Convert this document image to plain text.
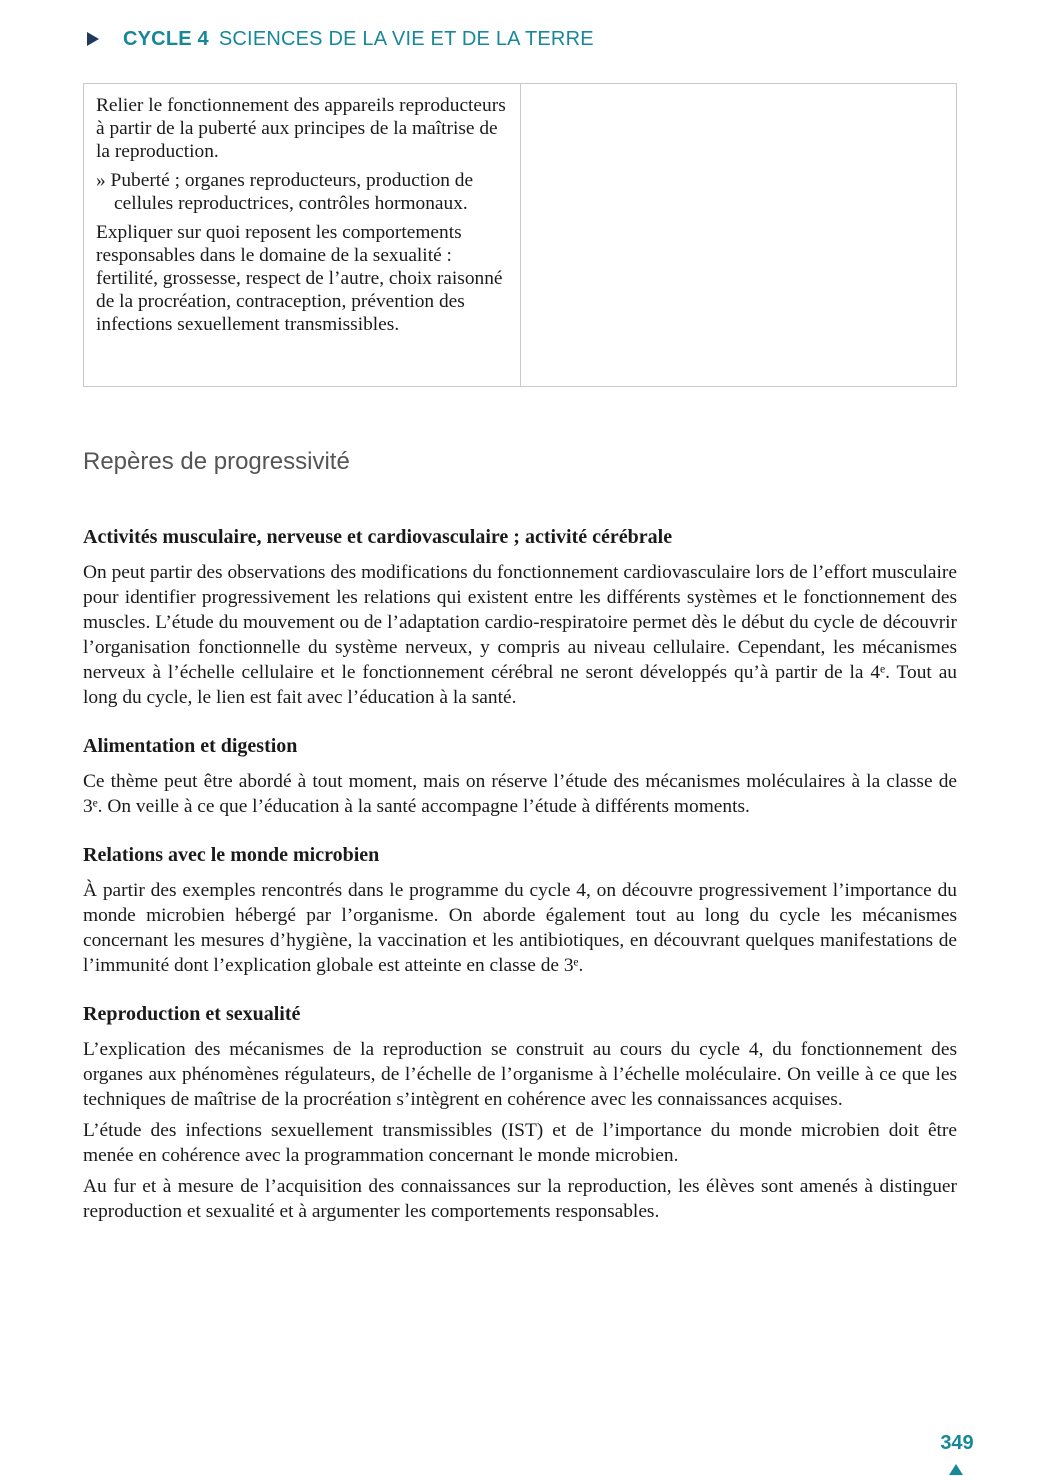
CYCLE 4 SCIENCES DE LA VIE ET DE LA TERRE

Relier le fonctionnement des appareils reproducteurs à partir de la puberté aux principes de la maîtrise de la reproduction.

» Puberté ; organes reproducteurs, production de cellules reproductrices, contrôles hormonaux.

Expliquer sur quoi reposent les comportements responsables dans le domaine de la sexualité : fertilité, grossesse, respect de l’autre, choix raisonné de la procréation, contraception, prévention des infections sexuellement transmissibles.

Repères de progressivité
Activités musculaire, nerveuse et cardiovasculaire ; activité cérébrale

On peut partir des observations des modifications du fonctionnement cardiovasculaire lors de l’effort musculaire pour identifier progressivement les relations qui existent entre les différents systèmes et le fonctionnement des muscles. L’étude du mouvement ou de l’adaptation cardio-respiratoire permet dès le début du cycle de découvrir l’organisation fonctionnelle du système nerveux, y compris au niveau cellulaire. Cependant, les mécanismes nerveux à l’échelle cellulaire et le fonctionnement cérébral ne seront développés qu’à partir de la 4ᵉ. Tout au long du cycle, le lien est fait avec l’éducation à la santé.

Alimentation et digestion

Ce thème peut être abordé à tout moment, mais on réserve l’étude des mécanismes moléculaires à la classe de 3ᵉ. On veille à ce que l’éducation à la santé accompagne l’étude à différents moments.

Relations avec le monde microbien

À partir des exemples rencontrés dans le programme du cycle 4, on découvre progressivement l’importance du monde microbien hébergé par l’organisme. On aborde également tout au long du cycle les mécanismes concernant les mesures d’hygiène, la vaccination et les antibiotiques, en découvrant quelques manifestations de l’immunité dont l’explication globale est atteinte en classe de 3ᵉ.

Reproduction et sexualité

L’explication des mécanismes de la reproduction se construit au cours du cycle 4, du fonctionnement des organes aux phénomènes régulateurs, de l’échelle de l’organisme à l’échelle moléculaire. On veille à ce que les techniques de maîtrise de la procréation s’intègrent en cohérence avec les connaissances acquises.

L’étude des infections sexuellement transmissibles (IST) et de l’importance du monde microbien doit être menée en cohérence avec la programmation concernant le monde microbien.

Au fur et à mesure de l’acquisition des connaissances sur la reproduction, les élèves sont amenés à distinguer reproduction et sexualité et à argumenter les comportements responsables.

349
